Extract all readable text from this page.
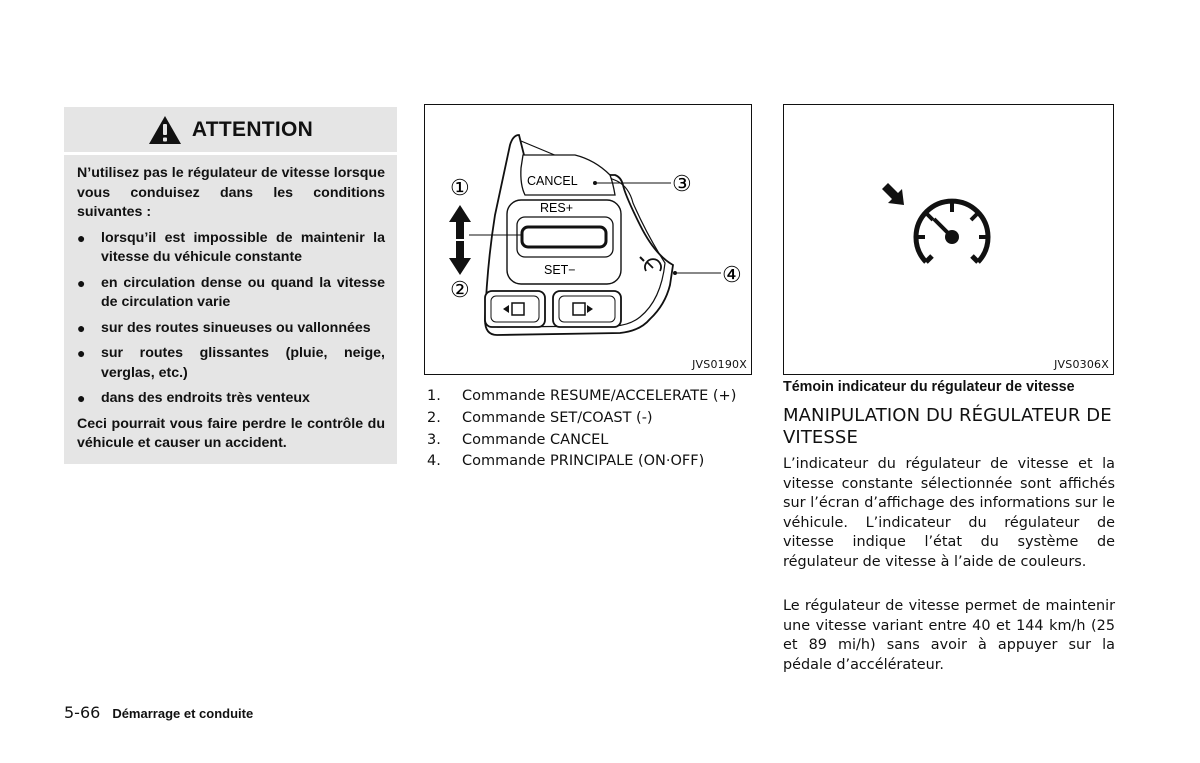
ATTENTION

N’utilisez pas le régulateur de vitesse lorsque vous conduisez dans les conditions suivantes :

● lorsqu’il est impossible de maintenir la vitesse du véhicule constante
● en circulation dense ou quand la vitesse de circulation varie
● sur des routes sinueuses ou vallonnées
● sur routes glissantes (pluie, neige, verglas, etc.)
● dans des endroits très venteux

Ceci pourrait vous faire perdre le contrôle du véhicule et causer un accident.

CANCEL
RES+
SET−
①
②
③
④
JVS0190X
1.	Commande RESUME/ACCELERATE (+)
2.	Commande SET/COAST (-)
3.	Commande CANCEL
4.	Commande PRINCIPALE (ON·OFF)
JVS0306X
Témoin indicateur du régulateur de vitesse
MANIPULATION DU RÉGULATEUR DE VITESSE
L’indicateur du régulateur de vitesse et la vitesse constante sélectionnée sont affichés sur l’écran d’affichage des informations sur le véhicule. L’indicateur du régulateur de vitesse indique l’état du système de régulateur de vitesse à l’aide de couleurs.
Le régulateur de vitesse permet de maintenir une vitesse variant entre 40 et 144 km/h (25 et 89 mi/h) sans avoir à appuyer sur la pédale d’accélérateur.
5-66 Démarrage et conduite
